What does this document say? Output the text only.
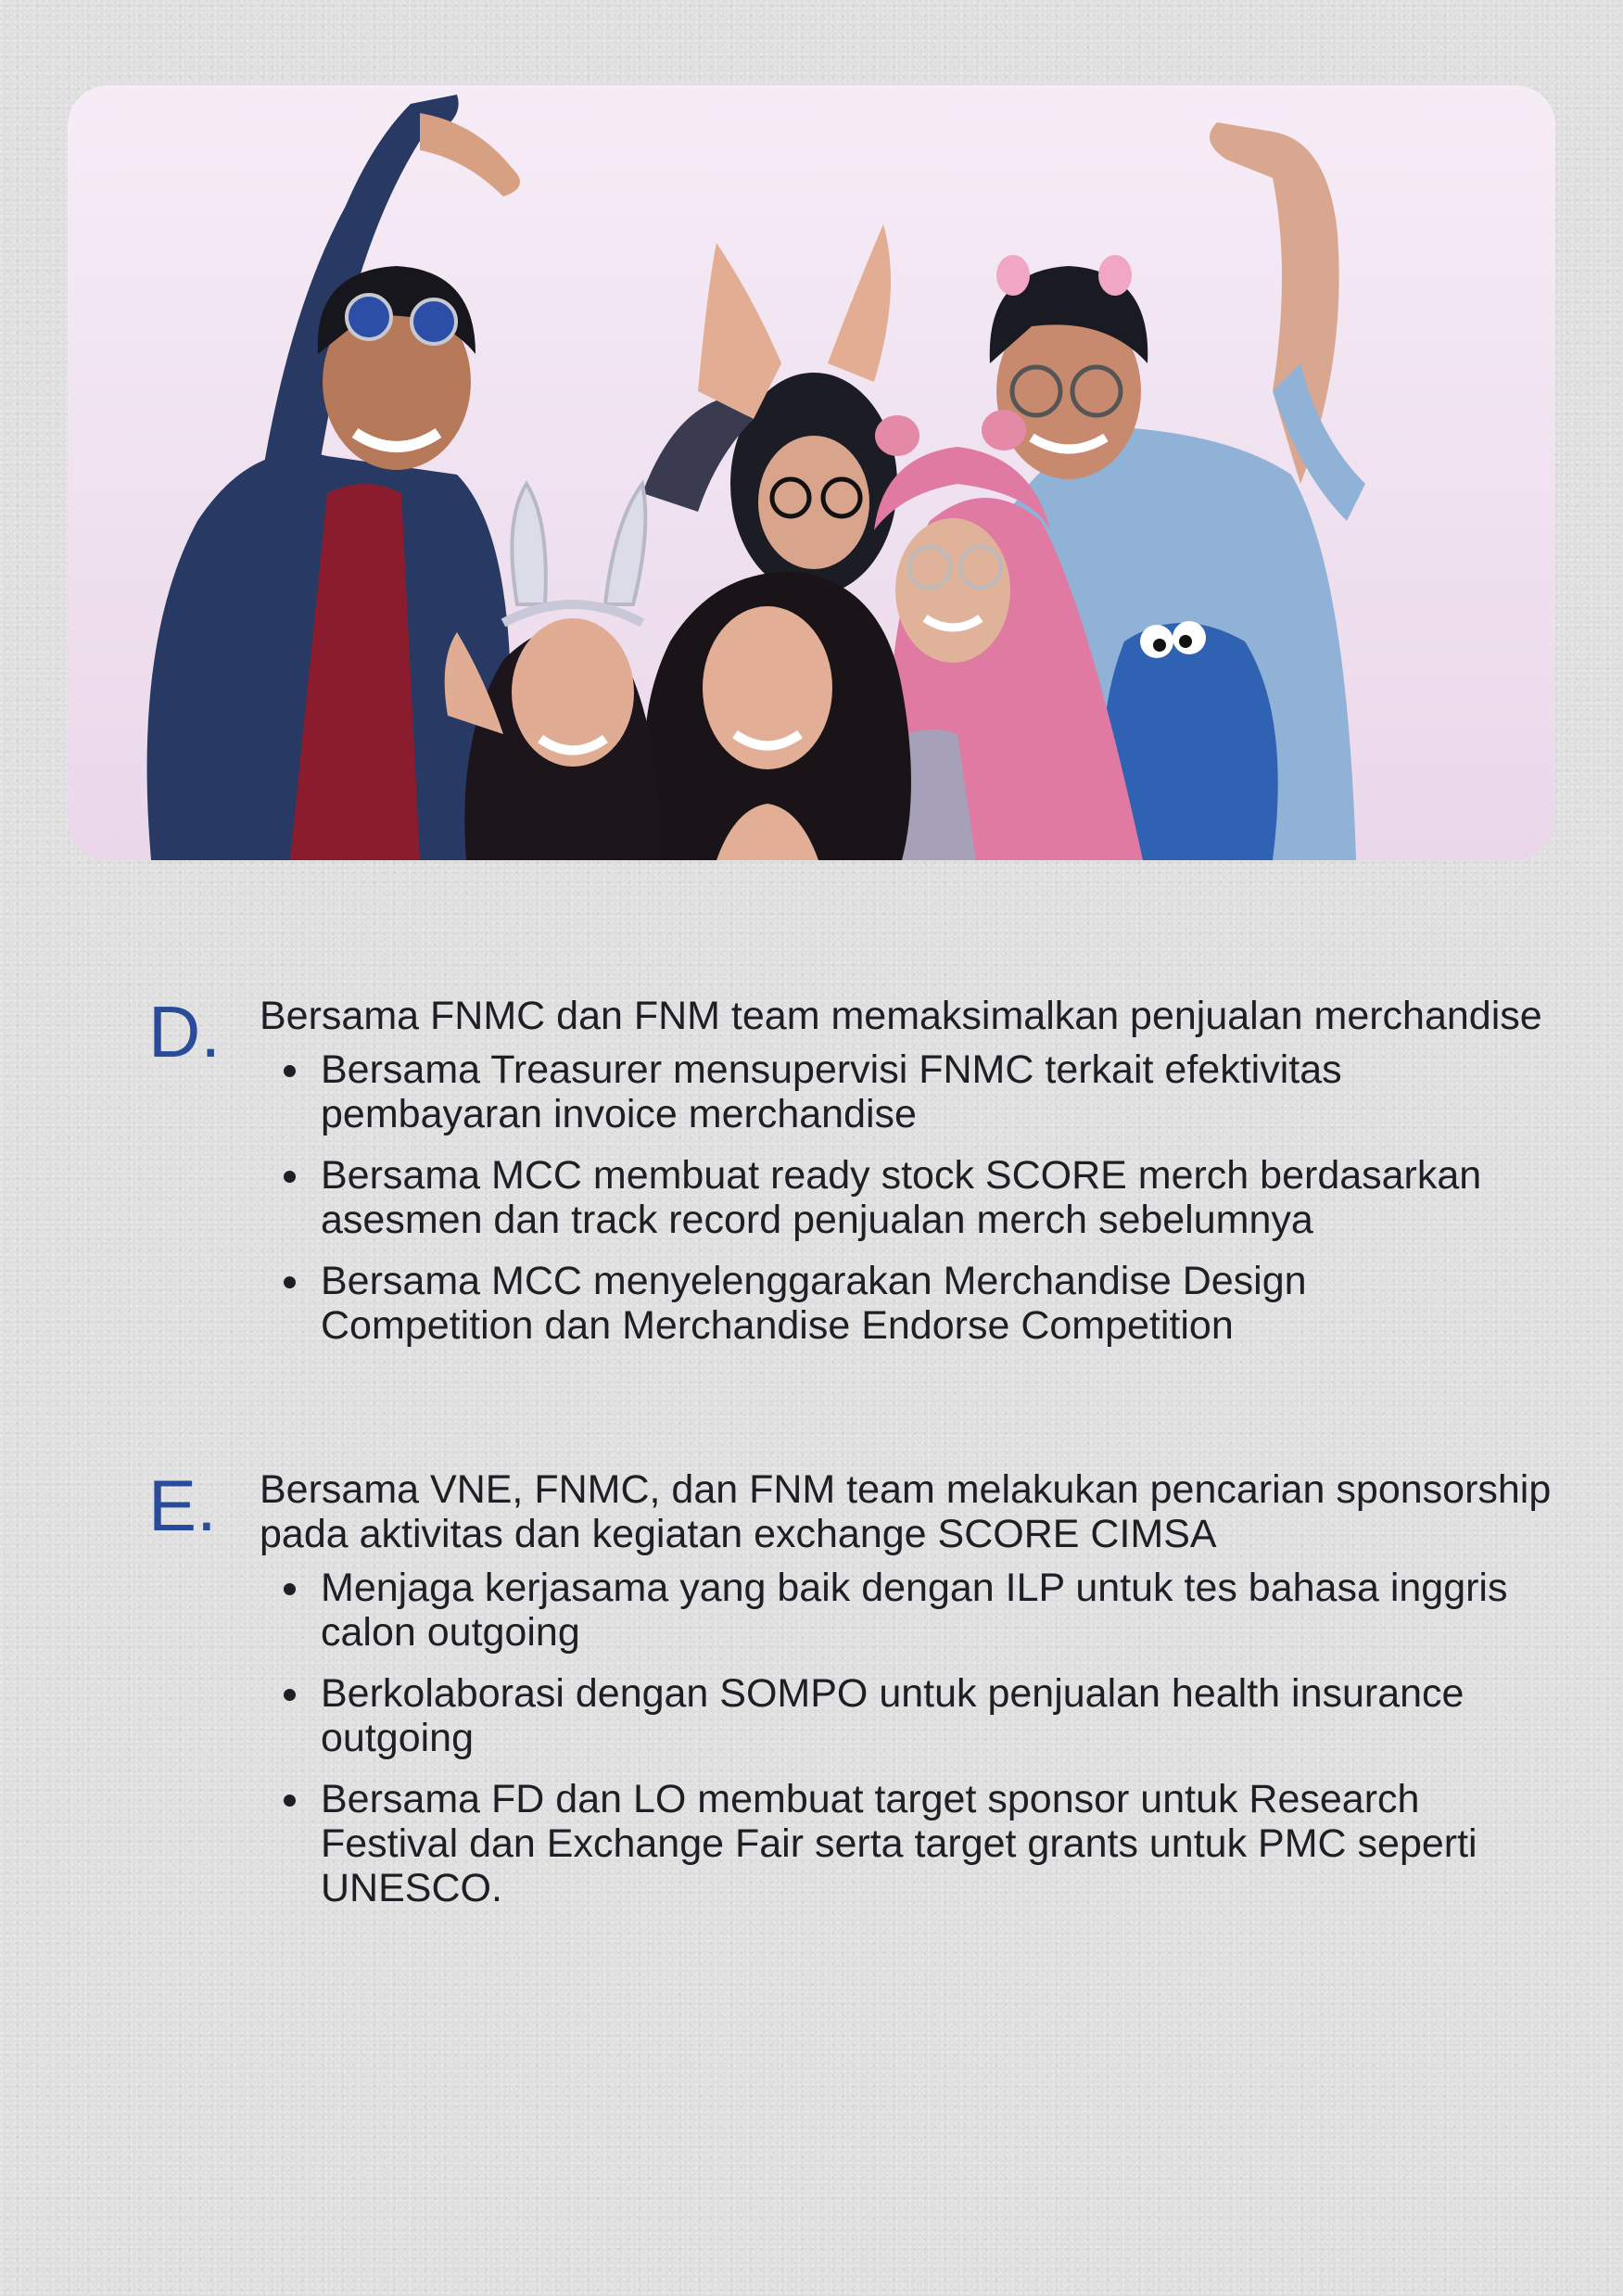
D. Bersama FNMC dan FNM team memaksimalkan penjualan merchandise
Bersama Treasurer mensupervisi FNMC terkait efektivitas pembayaran invoice merchandise
Bersama MCC membuat ready stock SCORE merch berdasarkan asesmen dan track record penjualan merch sebelumnya
Bersama MCC menyelenggarakan Merchandise Design Competition dan Merchandise Endorse Competition
E. Bersama VNE, FNMC, dan FNM team melakukan pencarian sponsorship pada aktivitas dan kegiatan exchange SCORE CIMSA
Menjaga kerjasama yang baik dengan ILP untuk tes bahasa inggris calon outgoing
Berkolaborasi dengan SOMPO untuk penjualan health insurance outgoing
Bersama FD dan LO membuat target sponsor untuk Research Festival dan Exchange Fair serta target grants untuk PMC seperti UNESCO.
